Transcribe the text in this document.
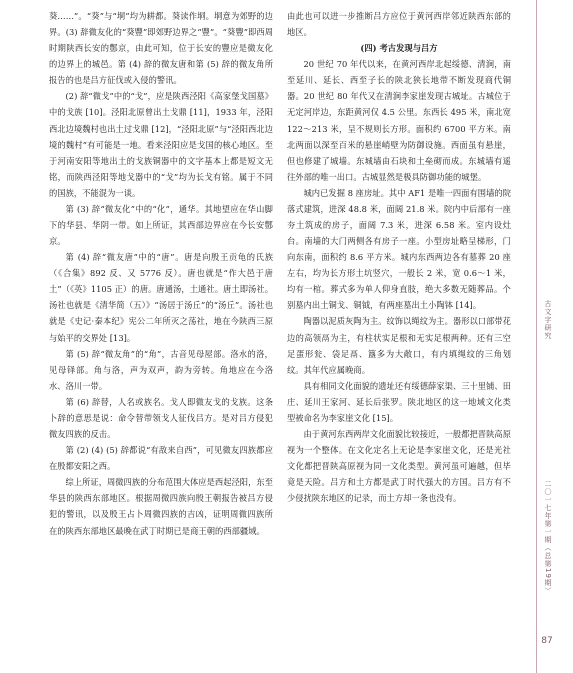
葵……”。“葵”与“垌”均为耕都。葵读作垌。垌意为郊野的边界。(3) 辞微友化的“葵豐”即郊野边界之“豐”。“葵豐”即西周时期陕西长安的鄷京，由此可知，位于长安的豐应是微友化的边界上的城邑。第 (4) 辞的微友唐和第 (5) 辞的微友角所报告的也是吕方征伐或入侵的警讯。

(2) 辞“微戈”中的“戈”，应是陕西泾阳《高家堡戈国墓》中的戈族 [10]。泾阳北原曾出土戈鼎 [11]，1933 年，泾阳西北边境魏村也出土过戈鼎 [12]，“泾阳北原”与“泾阳西北边境的魏村”有可能是一地。看来泾阳应是戈国的核心地区。至于河南安阳等地出土的戈族铜器中的文字基本上都是短文无铭，而陕西泾阳等地戈器中的“戈”均为长戈有铭。属于不同的国族，不能混为一谈。

第 (3) 辞“微友化”中的“化”，通华。其地望应在华山脚下的华县、华阴一带。如上所证，其西部边界应在今长安鄷京。

第 (4) 辞“微友唐”中的“唐”。唐是向殷王贡龟的氏族（《合集》892 反、又 5776 反）。唐也就是“作大邑于唐土”（《英》1105 正）的唐。唐通汤，土通社。唐土即汤社。汤社也就是《清华简（五）》“汤居于汤丘”的“汤丘”。汤社也就是《史记·秦本纪》宪公二年所灭之荡社，地在今陕西三原与始平的交界处 [13]。

第 (5) 辞“微友角”的“角”，古音见母屋部。洛水的洛，见母铎部。角与洛，声为双声，韵为旁转。角地应在今洛水、洛川一带。

第 (6) 辞替，人名或族名。戈人即微友戈的戈族。这条卜辞的意思是说：命令替带领戈人征伐吕方。是对吕方侵犯微友四族的反击。

第 (2) (4) (5) 辞都说“有敌来自西”，可见微友四族都应在殷都安阳之西。

综上所证，周微四族的分布范围大体应是西起泾阳，东至华县的陕西东部地区。根据周微四族向殷王朝报告被吕方侵犯的警讯，以及殷王占卜周微四族的吉凶，证明周微四族所在的陕西东部地区最晚在武丁时期已是商王朝的西部疆域。

由此也可以进一步推断吕方应位于黄河西岸邻近陕西东部的地区。

(四) 考古发现与吕方

20 世纪 70 年代以来，在黄河西岸北起绥德、清涧，南至延川、延长、西至子长的陕北狭长地带不断发现商代铜器。20 世纪 80 年代又在清涧李家崖发现古城址。古城位于无定河岸边，东距黄河仅 4.5 公里。东西长 495 米，南北宽 122～213 米，呈不规则长方形。面积约 6700 平方米。南北两面以深至百米的悬崖峭壁为防御设施。西面虽有悬崖，但也修建了城墙。东城墙由石块和土垒砌而成。东城墙有遥往外部的唯一出口。古城显然是极具防御功能的城堡。

城内已发掘 8 座房址。其中 AF1 是唯一四面有围墙的院落式建筑，进深 48.8 米，面阔 21.8 米。院内中后部有一座夯土筑成的房子，面阔 7.3 米，进深 6.58 米。室内设灶台。南墙的大门两侧各有房子一座。小型房址略呈梯形，门向东南，面积约 8.6 平方米。城内东西两边各有墓葬 20 座左右，均为长方形土坑竖穴，一般长 2 米，宽 0.6～1 米，均有一棺。葬式多为单人仰身直肢，绝大多数无随葬品。个别墓内出土铜戈、铜钺，有两座墓出土小陶钵 [14]。

陶器以泥质灰陶为主。纹饰以绳纹为主。器形以口部带花边的高领鬲为主，有柱状实足根和无实足根两种。还有三空足蛋形瓮、袋足鬲、簋多为大敞口，有内填绳纹的三角划纹。其年代应属晚商。

具有相同文化面貌的遗址还有绥德薛家渠、三十里铺、田庄、延川王家河、延长后张罗。陕北地区的这一地域文化类型被命名为李家崖文化 [15]。

由于黄河东西两岸文化面貌比较接近，一般都把晋陕高原视为一个整体。在文化定名上无论是李家崖文化，还是光社文化都把晋陕高原视为同一文化类型。黄河虽可遍越，但毕竟是天险。吕方和土方都是武丁时代强大的方国。吕方有不少侵扰陕东地区的记录，而土方却一条也没有。

古文字研究
二〇一七年第一期（总第19期）
87
